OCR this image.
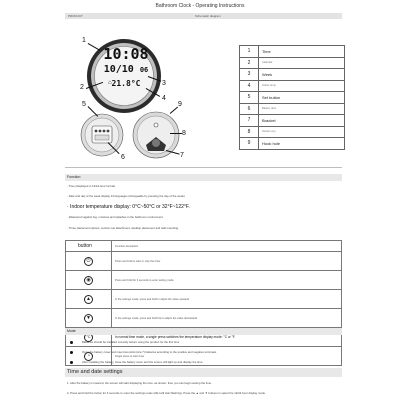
Bathroom Clock - Operating Instructions
PRODUCT	Schematic diagram
10:08
10/10 06
21.8°C
⌂
1
2
3
4
5
6	7
8
9
1	Time
2	Calendar
3	Week
4	Indoor temp
5	Set button
6	Battery door
7	Bracket
8	Suction cup
9	Hook hole
Function
· Time (displayed in 12/24-hour format)
· Date and day of the week display 13 languages (changeable by pressing the day of the week)
· Indoor temperature display: 0°C~50°C or 32°F~122°F.
· Waterproof against fog, moisture and splashes in the bathroom environment.
· Three placement options: suction cup attachment, desktop placement and wall mounting.
button	Function description
⏻	Press and hold to start or stop the timer
◉	Press and hold for 3 seconds to enter setting mode
▲	In the settings mode, press and hold to adjust the value upwards
▼	In the settings mode, press and hold this to adjust the value downwards
°C	In normal time mode, a single press switches the temperature display mode: °C or °F.
◔	Single press to start timer
Mode
Batteries should be installed correctly before using the product for the first time
Open the battery cover and insert two AAA (size 7) batteries according to the positive and negative terminals.
After installing the battery, close the battery cover and the screen will light up and display the time.
Time and date settings
1. After the battery is inserted, the screen will start displaying the time, as shown, then you can begin setting the time.
2. Press and hold the button for 3 seconds to enter the settings mode (24H will start flashing). Press the ▲ and ▼ buttons to select the 12/24-hour display mode.
